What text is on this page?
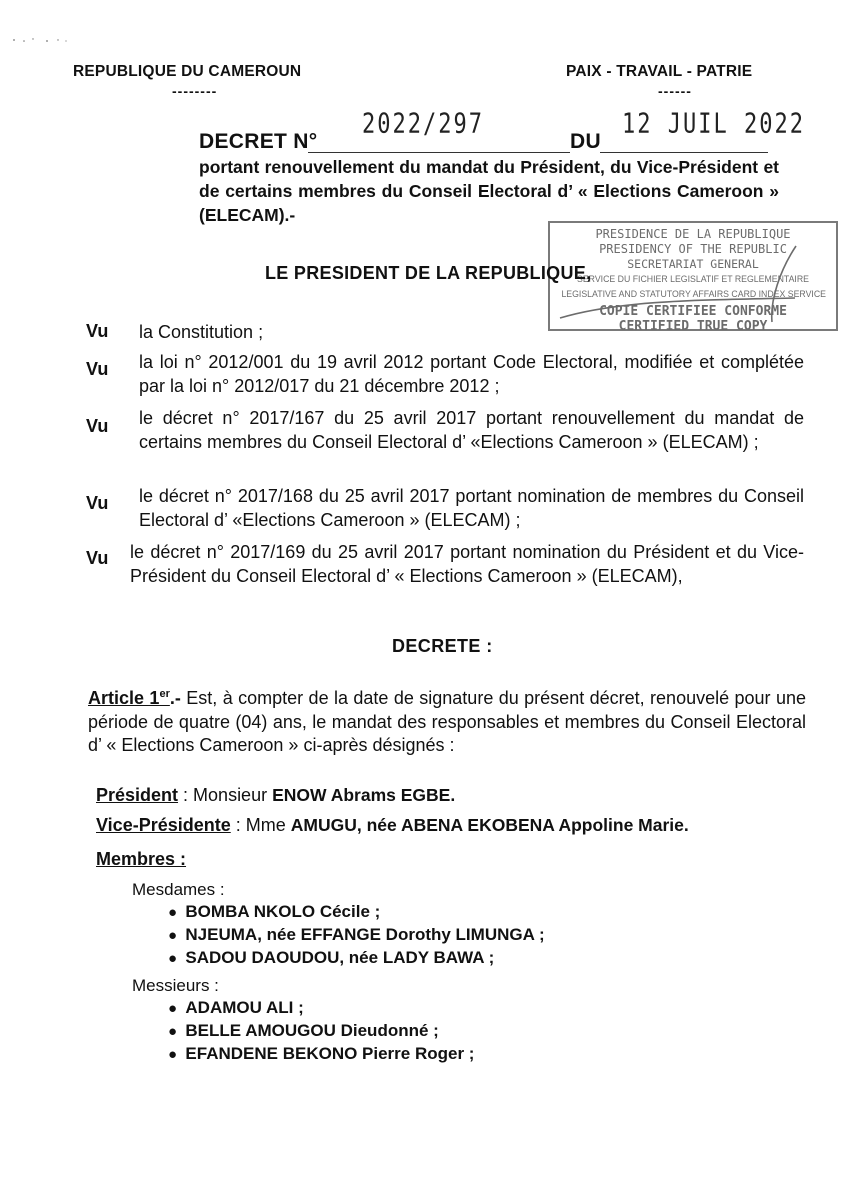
REPUBLIQUE DU CAMEROUN
--------
PAIX - TRAVAIL - PATRIE
------
DECRET N°
2022/297
DU
12 JUIL 2022
portant renouvellement du mandat du Président, du Vice-Président et de certains membres du Conseil Electoral d’ « Elections Cameroon » (ELECAM).-
PRESIDENCE DE LA REPUBLIQUE
PRESIDENCY OF THE REPUBLIC
SECRETARIAT GENERAL
SERVICE DU FICHIER LEGISLATIF ET REGLEMENTAIRE
LEGISLATIVE AND STATUTORY AFFAIRS CARD INDEX SERVICE
COPIE CERTIFIEE CONFORME
CERTIFIED TRUE COPY
LE PRESIDENT DE LA REPUBLIQUE,
Vu la Constitution ;
Vu la loi n° 2012/001 du 19 avril 2012 portant Code Electoral, modifiée et complétée par la loi n° 2012/017 du 21 décembre 2012 ;
Vu le décret n° 2017/167 du 25 avril 2017 portant renouvellement du mandat de certains membres du Conseil Electoral d’ «Elections Cameroon » (ELECAM) ;
Vu le décret n° 2017/168 du 25 avril 2017 portant nomination de membres du Conseil Electoral d’ «Elections Cameroon » (ELECAM) ;
Vu le décret n° 2017/169 du 25 avril 2017 portant nomination du Président et du Vice-Président du Conseil Electoral d’ « Elections Cameroon » (ELECAM),
DECRETE :
Article 1er.- Est, à compter de la date de signature du présent décret, renouvelé pour une période de quatre (04) ans, le mandat des responsables et membres du Conseil Electoral d’ « Elections Cameroon » ci-après désignés :
Président : Monsieur ENOW Abrams EGBE.
Vice-Présidente : Mme AMUGU, née ABENA EKOBENA Appoline Marie.
Membres :
Mesdames :
●  BOMBA NKOLO Cécile ;
●  NJEUMA, née EFFANGE Dorothy LIMUNGA ;
●  SADOU DAOUDOU, née LADY BAWA ;
Messieurs :
●  ADAMOU ALI ;
●  BELLE AMOUGOU Dieudonné ;
●  EFANDENE BEKONO Pierre Roger ;
